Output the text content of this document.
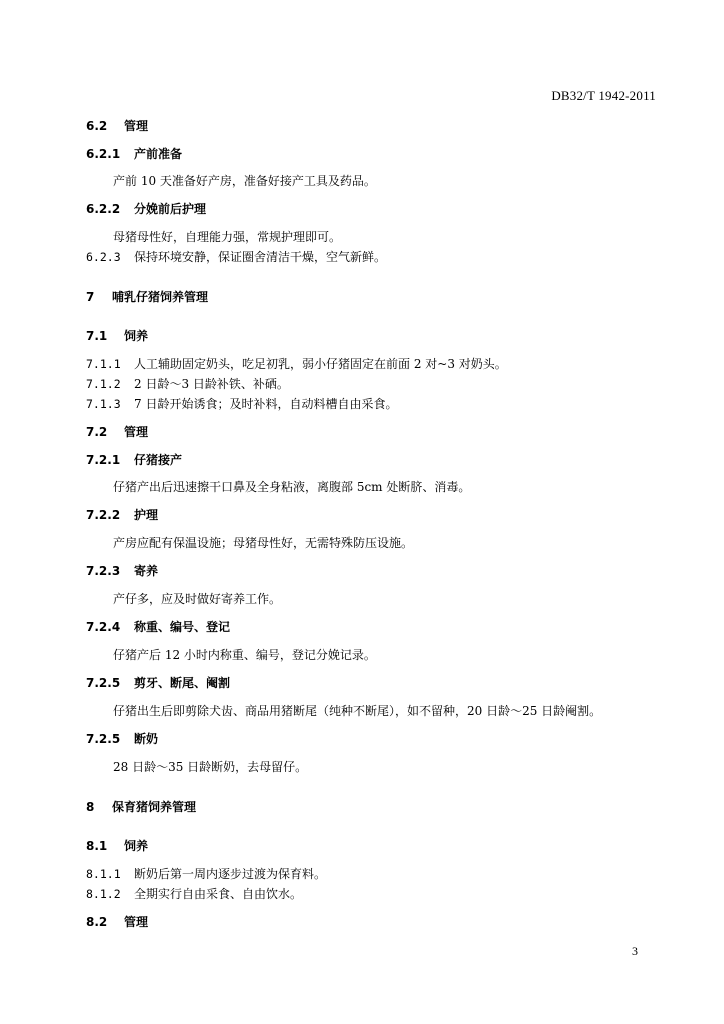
DB32/T 1942-2011
6.2 管理
6.2.1 产前准备
产前 10 天准备好产房，准备好接产工具及药品。
6.2.2 分娩前后护理
母猪母性好，自理能力强，常规护理即可。
6.2.3 保持环境安静，保证圈舍清洁干燥，空气新鲜。
7 哺乳仔猪饲养管理
7.1 饲养
7.1.1 人工辅助固定奶头，吃足初乳，弱小仔猪固定在前面 2 对~3 对奶头。
7.1.2 2 日龄～3 日龄补铁、补硒。
7.1.3 7 日龄开始诱食；及时补料，自动料槽自由采食。
7.2 管理
7.2.1 仔猪接产
仔猪产出后迅速擦干口鼻及全身粘液，离腹部 5cm 处断脐、消毒。
7.2.2 护理
产房应配有保温设施；母猪母性好，无需特殊防压设施。
7.2.3 寄养
产仔多，应及时做好寄养工作。
7.2.4 称重、编号、登记
仔猪产后 12 小时内称重、编号，登记分娩记录。
7.2.5 剪牙、断尾、阉割
仔猪出生后即剪除犬齿、商品用猪断尾（纯种不断尾），如不留种，20 日龄～25 日龄阉割。
7.2.5 断奶
28 日龄～35 日龄断奶，去母留仔。
8 保育猪饲养管理
8.1 饲养
8.1.1 断奶后第一周内逐步过渡为保育料。
8.1.2 全期实行自由采食、自由饮水。
8.2 管理
3
